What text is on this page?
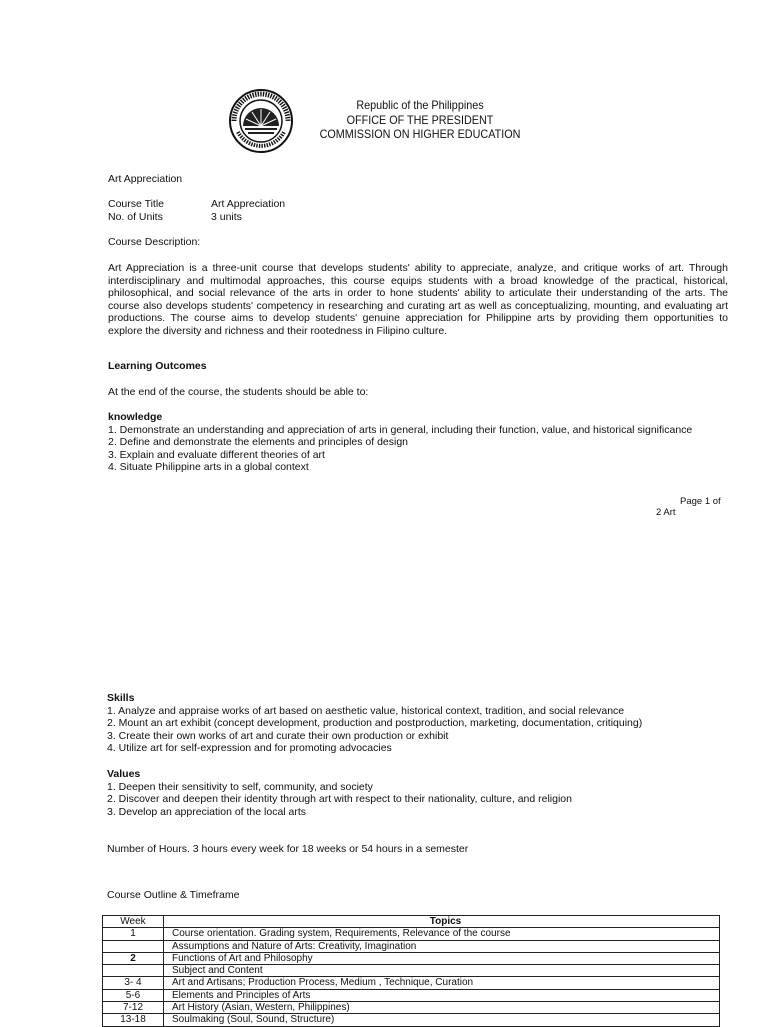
Republic of the Philippines
OFFICE OF THE PRESIDENT
COMMISSION ON HIGHER EDUCATION
Art Appreciation
Course Title	Art Appreciation
No. of Units	3 units
Course Description:
Art Appreciation is a three-unit course that develops students' ability to appreciate, analyze, and critique works of art. Through
interdisciplinary and multimodal approaches, this course equips students with a broad knowledge of the practical, historical,
philosophical, and social relevance of the arts in order to hone students' ability to articulate their understanding of the arts. The
course also develops students' competency in researching and curating art as well as conceptualizing, mounting, and evaluating art
productions. The course aims to develop students' genuine appreciation for Philippine arts by providing them opportunities to
explore the diversity and richness and their rootedness in Filipino culture.
Learning Outcomes
At the end of the course, the students should be able to:
knowledge
1. Demonstrate an understanding and appreciation of arts in general, including their function, value, and historical significance
2. Define and demonstrate the elements and principles of design
3. Explain and evaluate different theories of art
4. Situate Philippine arts in a global context
Page 1 of
2 Art
Skills
1. Analyze and appraise works of art based on aesthetic value, historical context, tradition, and social relevance
2. Mount an art exhibit (concept development, production and postproduction, marketing, documentation, critiquing)
3. Create their own works of art and curate their own production or exhibit
4. Utilize art for self-expression and for promoting advocacies
Values
1. Deepen their sensitivity to self, community, and society
2. Discover and deepen their identity through art with respect to their nationality, culture, and religion
3. Develop an appreciation of the local arts
Number of Hours. 3 hours every week for 18 weeks or 54 hours in a semester
Course Outline & Timeframe
Week	Topics
1	Course orientation. Grading system, Requirements, Relevance of the course
	Assumptions and Nature of Arts: Creativity, Imagination
2	Functions of Art and Philosophy
	Subject and Content
3- 4	Art and Artisans; Production Process, Medium , Technique, Curation
5-6	Elements and Principles of Arts
7-12	Art History (Asian, Western, Philippines)
13-18	Soulmaking (Soul, Sound, Structure)
